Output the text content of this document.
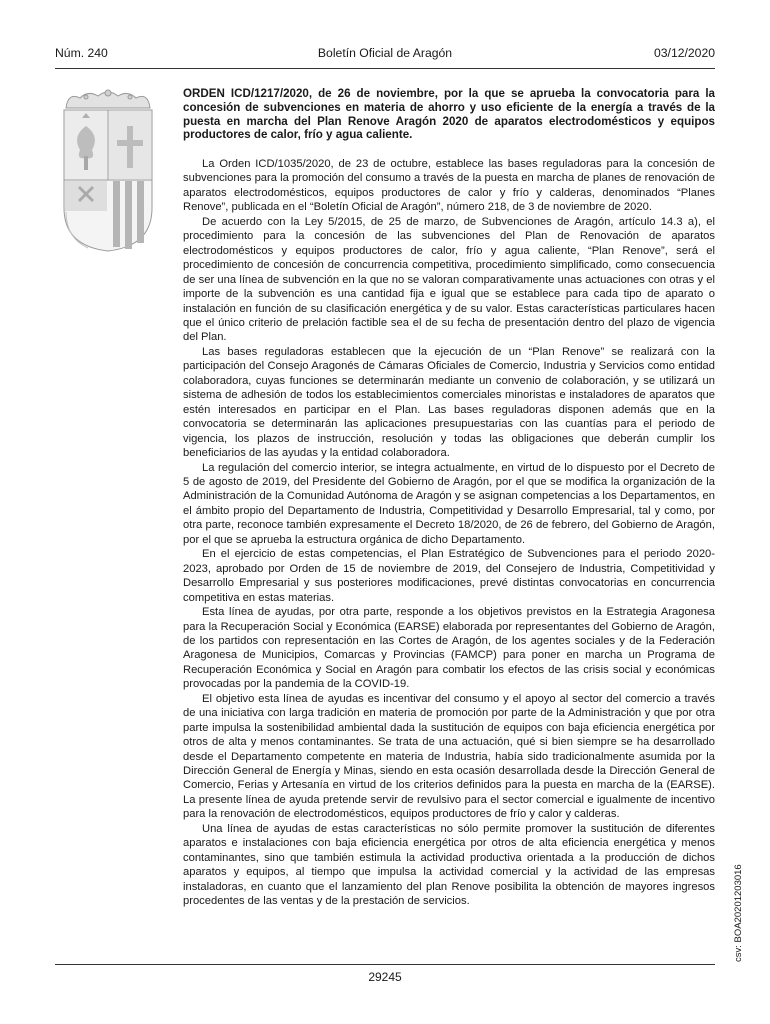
Núm. 240	Boletín Oficial de Aragón	03/12/2020

ORDEN ICD/1217/2020, de 26 de noviembre, por la que se aprueba la convocatoria para la concesión de subvenciones en materia de ahorro y uso eficiente de la energía a través de la puesta en marcha del Plan Renove Aragón 2020 de aparatos electrodomésticos y equipos productores de calor, frío y agua caliente.

La Orden ICD/1035/2020, de 23 de octubre, establece las bases reguladoras para la concesión de subvenciones para la promoción del consumo a través de la puesta en marcha de planes de renovación de aparatos electrodomésticos, equipos productores de calor y frío y calderas, denominados “Planes Renove”, publicada en el “Boletín Oficial de Aragón”, número 218, de 3 de noviembre de 2020.

De acuerdo con la Ley 5/2015, de 25 de marzo, de Subvenciones de Aragón, artículo 14.3 a), el procedimiento para la concesión de las subvenciones del Plan de Renovación de aparatos electrodomésticos y equipos productores de calor, frío y agua caliente, “Plan Renove”, será el procedimiento de concesión de concurrencia competitiva, procedimiento simplificado, como consecuencia de ser una línea de subvención en la que no se valoran comparativamente unas actuaciones con otras y el importe de la subvención es una cantidad fija e igual que se establece para cada tipo de aparato o instalación en función de su clasificación energética y de su valor. Estas características particulares hacen que el único criterio de prelación factible sea el de su fecha de presentación dentro del plazo de vigencia del Plan.

Las bases reguladoras establecen que la ejecución de un “Plan Renove” se realizará con la participación del Consejo Aragonés de Cámaras Oficiales de Comercio, Industria y Servicios como entidad colaboradora, cuyas funciones se determinarán mediante un convenio de colaboración, y se utilizará un sistema de adhesión de todos los establecimientos comerciales minoristas e instaladores de aparatos que estén interesados en participar en el Plan. Las bases reguladoras disponen además que en la convocatoria se determinarán las aplicaciones presupuestarias con las cuantías para el periodo de vigencia, los plazos de instrucción, resolución y todas las obligaciones que deberán cumplir los beneficiarios de las ayudas y la entidad colaboradora.

La regulación del comercio interior, se integra actualmente, en virtud de lo dispuesto por el Decreto de 5 de agosto de 2019, del Presidente del Gobierno de Aragón, por el que se modifica la organización de la Administración de la Comunidad Autónoma de Aragón y se asignan competencias a los Departamentos, en el ámbito propio del Departamento de Industria, Competitividad y Desarrollo Empresarial, tal y como, por otra parte, reconoce también expresamente el Decreto 18/2020, de 26 de febrero, del Gobierno de Aragón, por el que se aprueba la estructura orgánica de dicho Departamento.

En el ejercicio de estas competencias, el Plan Estratégico de Subvenciones para el periodo 2020-2023, aprobado por Orden de 15 de noviembre de 2019, del Consejero de Industria, Competitividad y Desarrollo Empresarial y sus posteriores modificaciones, prevé distintas convocatorias en concurrencia competitiva en estas materias.

Esta línea de ayudas, por otra parte, responde a los objetivos previstos en la Estrategia Aragonesa para la Recuperación Social y Económica (EARSE) elaborada por representantes del Gobierno de Aragón, de los partidos con representación en las Cortes de Aragón, de los agentes sociales y de la Federación Aragonesa de Municipios, Comarcas y Provincias (FAMCP) para poner en marcha un Programa de Recuperación Económica y Social en Aragón para combatir los efectos de las crisis social y económicas provocadas por la pandemia de la COVID-19.

El objetivo esta línea de ayudas es incentivar del consumo y el apoyo al sector del comercio a través de una iniciativa con larga tradición en materia de promoción por parte de la Administración y que por otra parte impulsa la sostenibilidad ambiental dada la sustitución de equipos con baja eficiencia energética por otros de alta y menos contaminantes. Se trata de una actuación, qué si bien siempre se ha desarrollado desde el Departamento competente en materia de Industria, había sido tradicionalmente asumida por la Dirección General de Energía y Minas, siendo en esta ocasión desarrollada desde la Dirección General de Comercio, Ferias y Artesanía en virtud de los criterios definidos para la puesta en marcha de la (EARSE). La presente línea de ayuda pretende servir de revulsivo para el sector comercial e igualmente de incentivo para la renovación de electrodomésticos, equipos productores de frío y calor y calderas.

Una línea de ayudas de estas características no sólo permite promover la sustitución de diferentes aparatos e instalaciones con baja eficiencia energética por otros de alta eficiencia energética y menos contaminantes, sino que también estimula la actividad productiva orientada a la producción de dichos aparatos y equipos, al tiempo que impulsa la actividad comercial y la actividad de las empresas instaladoras, en cuanto que el lanzamiento del plan Renove posibilita la obtención de mayores ingresos procedentes de las ventas y de la prestación de servicios.

29245
csv: BOA20201203016
